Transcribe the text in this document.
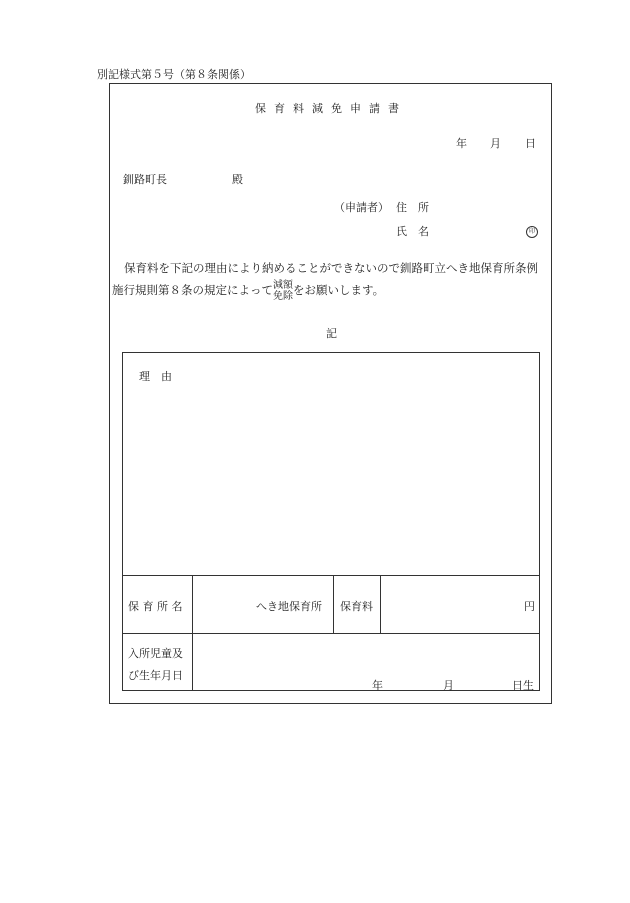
別記様式第５号（第８条関係）
保育料減免申請書
年 月 日
釧路町長	殿
（申請者） 住　所
氏　名	印
保育料を下記の理由により納めることができないので釧路町立へき地保育所条例
施行規則第８条の規定によって 減額
免除 をお願いします。
記
理　由
保 育 所 名	へき地保育所 保育料	円
入所児童及
び生年月日
年	月	日生
